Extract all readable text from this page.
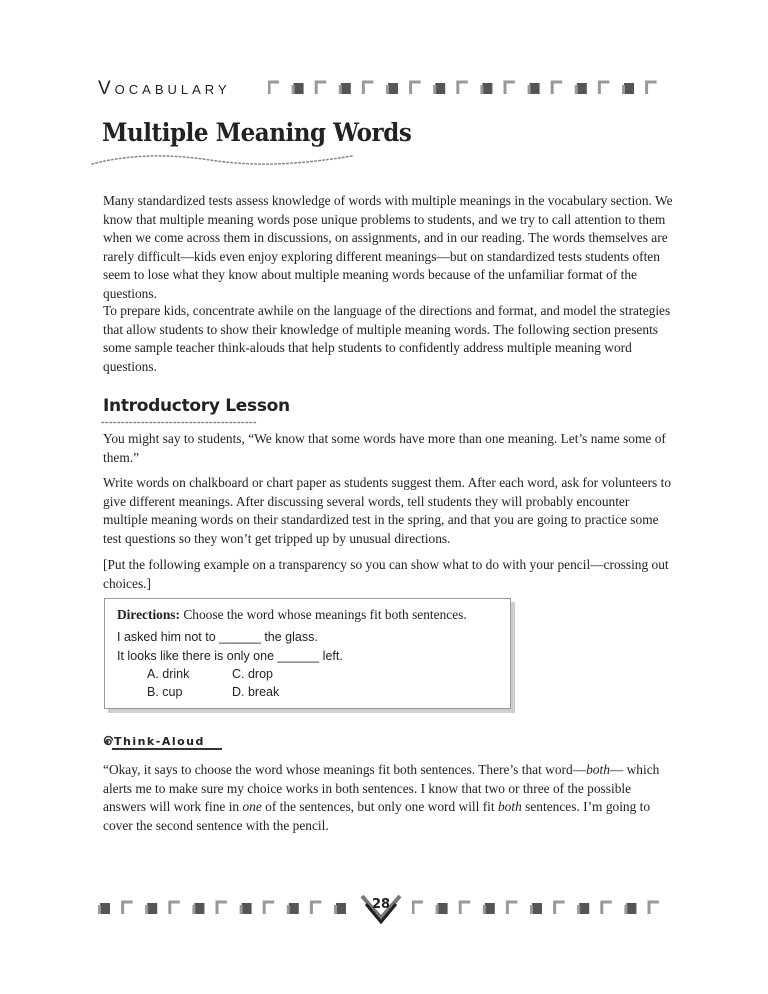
Vocabulary
Multiple Meaning Words

Many standardized tests assess knowledge of words with multiple meanings in the vocabulary section. We know that multiple meaning words pose unique problems to students, and we try to call attention to them when we come across them in discussions, on assignments, and in our reading. The words themselves are rarely difficult—kids even enjoy exploring different meanings—but on standardized tests students often seem to lose what they know about multiple meaning words because of the unfamiliar format of the questions.

To prepare kids, concentrate awhile on the language of the directions and format, and model the strategies that allow students to show their knowledge of multiple meaning words. The following section presents some sample teacher think-alouds that help students to confidently address multiple meaning word questions.

Introductory Lesson

You might say to students, “We know that some words have more than one meaning. Let’s name some of them.”

Write words on chalkboard or chart paper as students suggest them. After each word, ask for volunteers to give different meanings. After discussing several words, tell students they will probably encounter multiple meaning words on their standardized test in the spring, and that you are going to practice some test questions so they won’t get tripped up by unusual directions.

[Put the following example on a transparency so you can show what to do with your pencil—crossing out choices.]

Directions: Choose the word whose meanings fit both sentences.
I asked him not to ______ the glass.
It looks like there is only one ______ left.
A. drink	C. drop
B. cup	D. break
Think-Aloud

“Okay, it says to choose the word whose meanings fit both sentences. There’s that word—both— which alerts me to make sure my choice works in both sentences. I know that two or three of the possible answers will work fine in one of the sentences, but only one word will fit both sentences. I’m going to cover the second sentence with the pencil.

28
